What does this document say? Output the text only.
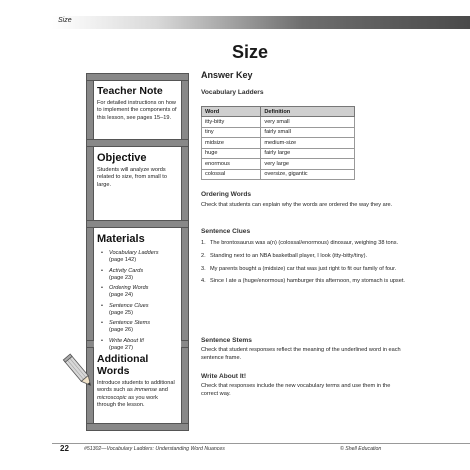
Size
Size
Teacher Note
For detailed instructions on how to implement the components of this lesson, see pages 15–19.
Objective
Students will analyze words related to size, from small to large.
Materials
• Vocabulary Ladders
(page 142)
• Activity Cards
(page 23)
• Ordering Words
(page 24)
• Sentence Clues
(page 25)
• Sentence Stems
(page 26)
• Write About It!
(page 27)
Additional Words
Introduce students to additional words such as immense and microscopic as you work through the lesson.
Answer Key
Vocabulary Ladders
Word	Definition
itty-bitty	very small
tiny	fairly small
midsize	medium-size
huge	fairly large
enormous	very large
colossal	oversize, gigantic
Ordering Words
Check that students can explain why the words are ordered the way they are.
Sentence Clues
1. The brontosaurus was a(n) (colossal/enormous) dinosaur, weighing 38 tons.
2. Standing next to an NBA basketball player, I look (itty-bitty/tiny).
3. My parents bought a (midsize) car that was just right to fit our family of four.
4. Since I ate a (huge/enormous) hamburger this afternoon, my stomach is upset.
Sentence Stems
Check that student responses reflect the meaning of the underlined word in each sentence frame.
Write About It!
Check that responses include the new vocabulary terms and use them in the correct way.
22	#51302—Vocabulary Ladders: Understanding Word Nuances	© Shell Education
